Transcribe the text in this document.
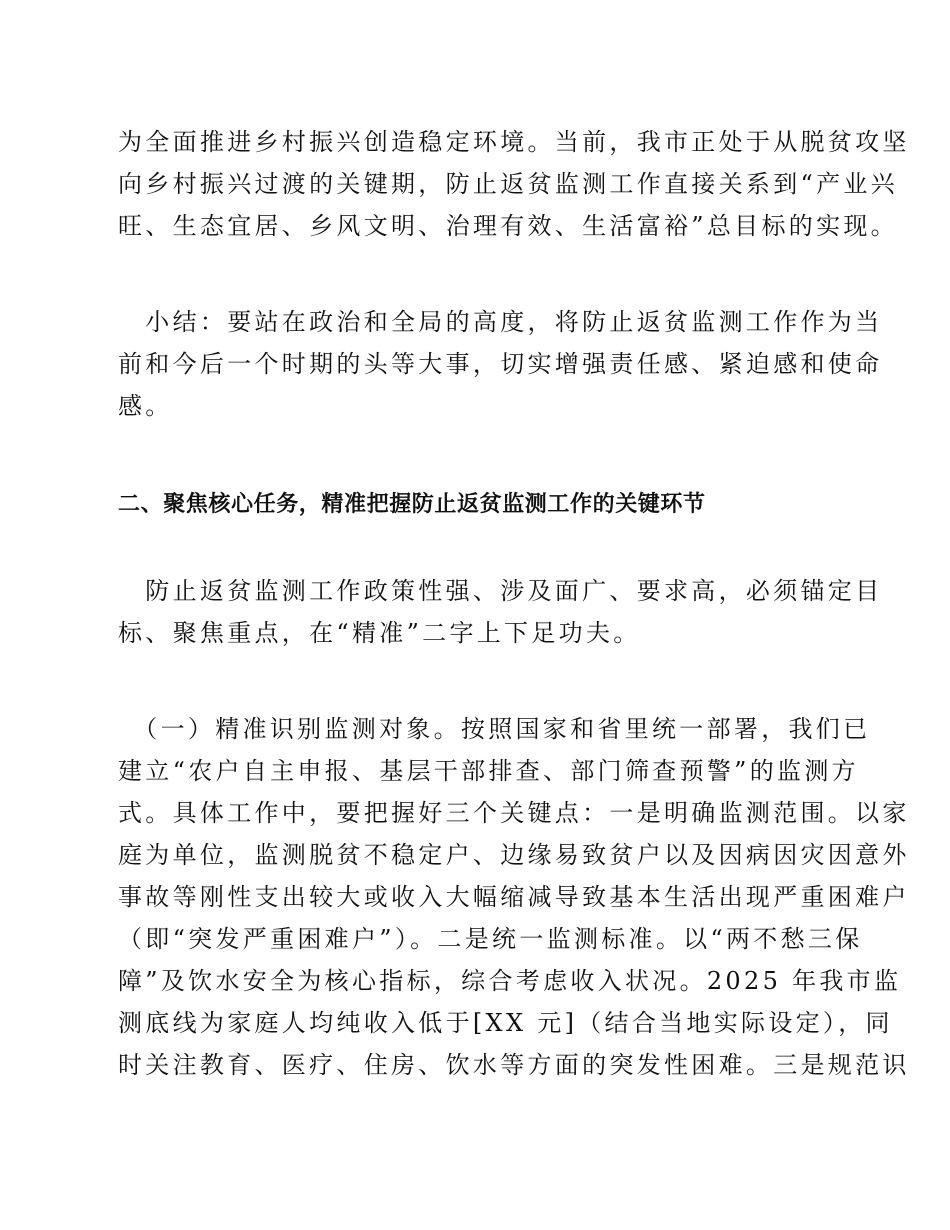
为全面推进乡村振兴创造稳定环境。当前，我市正处于从脱贫攻坚
向乡村振兴过渡的关键期，防止返贫监测工作直接关系到“产业兴
旺、生态宜居、乡风文明、治理有效、生活富裕”总目标的实现。
　小结：要站在政治和全局的高度，将防止返贫监测工作作为当
前和今后一个时期的头等大事，切实增强责任感、紧迫感和使命
感。
二、聚焦核心任务，精准把握防止返贫监测工作的关键环节
　防止返贫监测工作政策性强、涉及面广、要求高，必须锚定目
标、聚焦重点，在“精准”二字上下足功夫。
　（一）精准识别监测对象。按照国家和省里统一部署，我们已
建立“农户自主申报、基层干部排查、部门筛查预警”的监测方
式。具体工作中，要把握好三个关键点：一是明确监测范围。以家
庭为单位，监测脱贫不稳定户、边缘易致贫户以及因病因灾因意外
事故等刚性支出较大或收入大幅缩减导致基本生活出现严重困难户
（即“突发严重困难户”）。二是统一监测标准。以“两不愁三保
障”及饮水安全为核心指标，综合考虑收入状况。2025 年我市监
测底线为家庭人均纯收入低于[XX 元]（结合当地实际设定），同
时关注教育、医疗、住房、饮水等方面的突发性困难。三是规范识
